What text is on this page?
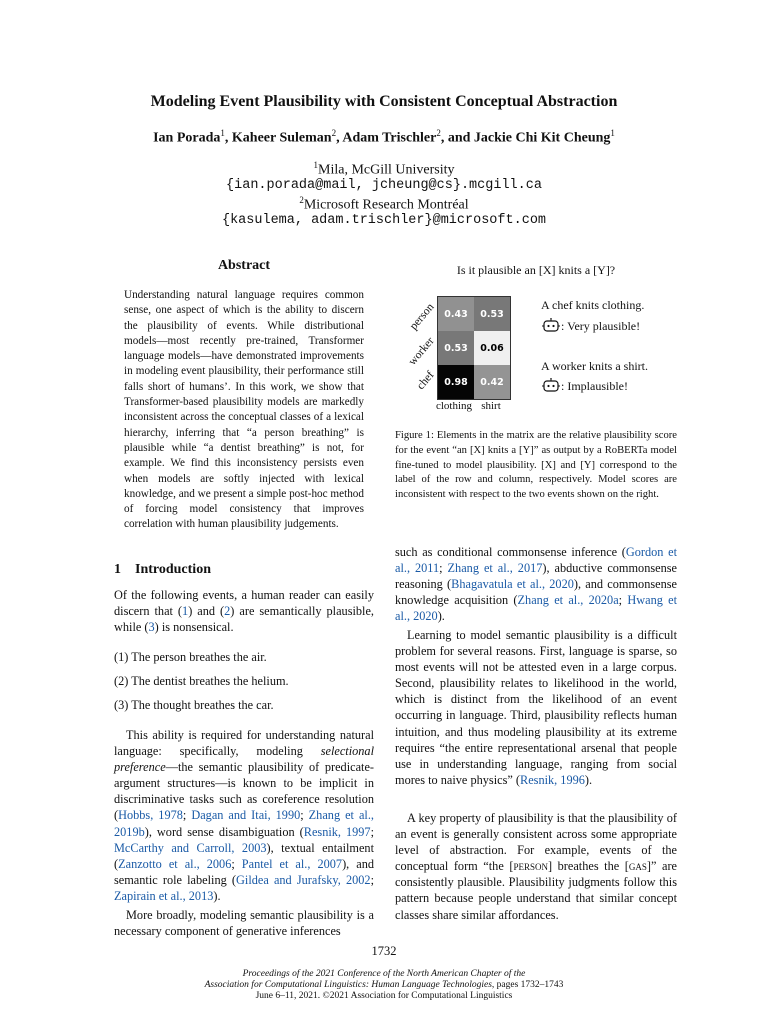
Modeling Event Plausibility with Consistent Conceptual Abstraction
Ian Porada$^1$, Kaheer Suleman$^2$, Adam Trischler$^2$, and Jackie Chi Kit Cheung$^1$
$^1$Mila, McGill University
{ian.porada@mail, jcheung@cs}.mcgill.ca
$^2$Microsoft Research Montréal
{kasulema, adam.trischler}@microsoft.com
Abstract
Understanding natural language requires common sense, one aspect of which is the ability to discern the plausibility of events. While distributional models—most recently pre-trained, Transformer language models—have demonstrated improvements in modeling event plausibility, their performance still falls short of humans’. In this work, we show that Transformer-based plausibility models are markedly inconsistent across the conceptual classes of a lexical hierarchy, inferring that “a person breathing” is plausible while “a dentist breathing” is not, for example. We find this inconsistency persists even when models are softly injected with lexical knowledge, and we present a simple post-hoc method of forcing model consistency that improves correlation with human plausibility judgements.
1 Introduction
Of the following events, a human reader can easily discern that (1) and (2) are semantically plausible, while (3) is nonsensical.
(1) The person breathes the air.
(2) The dentist breathes the helium.
(3) The thought breathes the car.
This ability is required for understanding natural language: specifically, modeling selectional preference—the semantic plausibility of predicate-argument structures—is known to be implicit in discriminative tasks such as coreference resolution (Hobbs, 1978; Dagan and Itai, 1990; Zhang et al., 2019b), word sense disambiguation (Resnik, 1997; McCarthy and Carroll, 2003), textual entailment (Zanzotto et al., 2006; Pantel et al., 2007), and semantic role labeling (Gildea and Jurafsky, 2002; Zapirain et al., 2013).
More broadly, modeling semantic plausibility is a necessary component of generative inferences
Is it plausible an [X] knits a [Y]?
0.43	0.53
0.53	0.06
0.98	0.42
person
worker
chef
clothing shirt
A chef knits clothing.
: Very plausible!
A worker knits a shirt.
: Implausible!
Figure 1: Elements in the matrix are the relative plausibility score for the event “an [X] knits a [Y]” as output by a RoBERTa model fine-tuned to model plausibility. [X] and [Y] correspond to the label of the row and column, respectively. Model scores are inconsistent with respect to the two events shown on the right.
such as conditional commonsense inference (Gordon et al., 2011; Zhang et al., 2017), abductive commonsense reasoning (Bhagavatula et al., 2020), and commonsense knowledge acquisition (Zhang et al., 2020a; Hwang et al., 2020).
Learning to model semantic plausibility is a difficult problem for several reasons. First, language is sparse, so most events will not be attested even in a large corpus. Second, plausibility relates to likelihood in the world, which is distinct from the likelihood of an event occurring in language. Third, plausibility reflects human intuition, and thus modeling plausibility at its extreme requires “the entire representational arsenal that people use in understanding language, ranging from social mores to naive physics” (Resnik, 1996).
A key property of plausibility is that the plausibility of an event is generally consistent across some appropriate level of abstraction. For example, events of the conceptual form “the [person] breathes the [gas]” are consistently plausible. Plausibility judgments follow this pattern because people understand that similar concept classes share similar affordances.
1732
Proceedings of the 2021 Conference of the North American Chapter of the
Association for Computational Linguistics: Human Language Technologies, pages 1732–1743
June 6–11, 2021. ©2021 Association for Computational Linguistics
